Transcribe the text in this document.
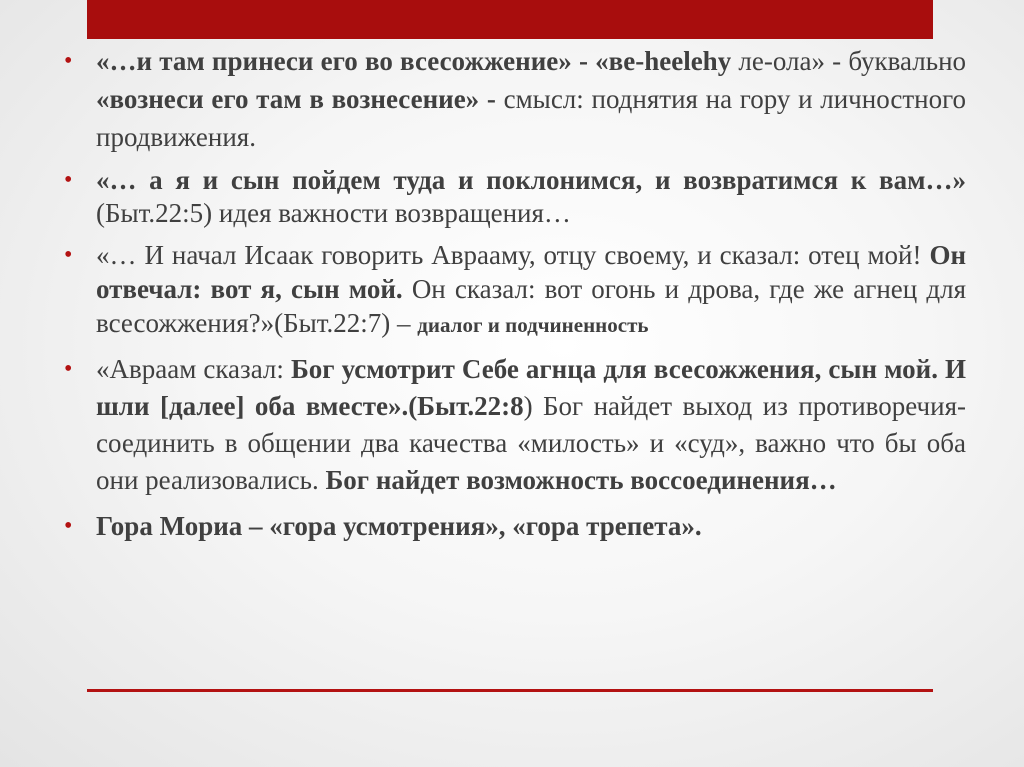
• «…и там принеси его во всесожжение» - «ве-heelehy ле-ола» - буквально «вознеси его там в вознесение» - смысл: поднятия на гору и личностного продвижения.
• «… а я и сын пойдем туда и поклонимся, и возвратимся к вам…» (Быт.22:5) идея важности возвращения…
• «… И начал Исаак говорить Аврааму, отцу своему, и сказал: отец мой! Он отвечал: вот я, сын мой. Он сказал: вот огонь и дрова, где же агнец для всесожжения?»(Быт.22:7) – диалог и подчиненность
• «Авраам сказал: Бог усмотрит Себе агнца для всесожжения, сын мой. И шли [далее] оба вместе».(Быт.22:8) Бог найдет выход из противоречия- соединить в общении два качества «милость» и «суд», важно что бы оба они реализовались. Бог найдет возможность воссоединения…
• Гора Мориа – «гора усмотрения», «гора трепета».
